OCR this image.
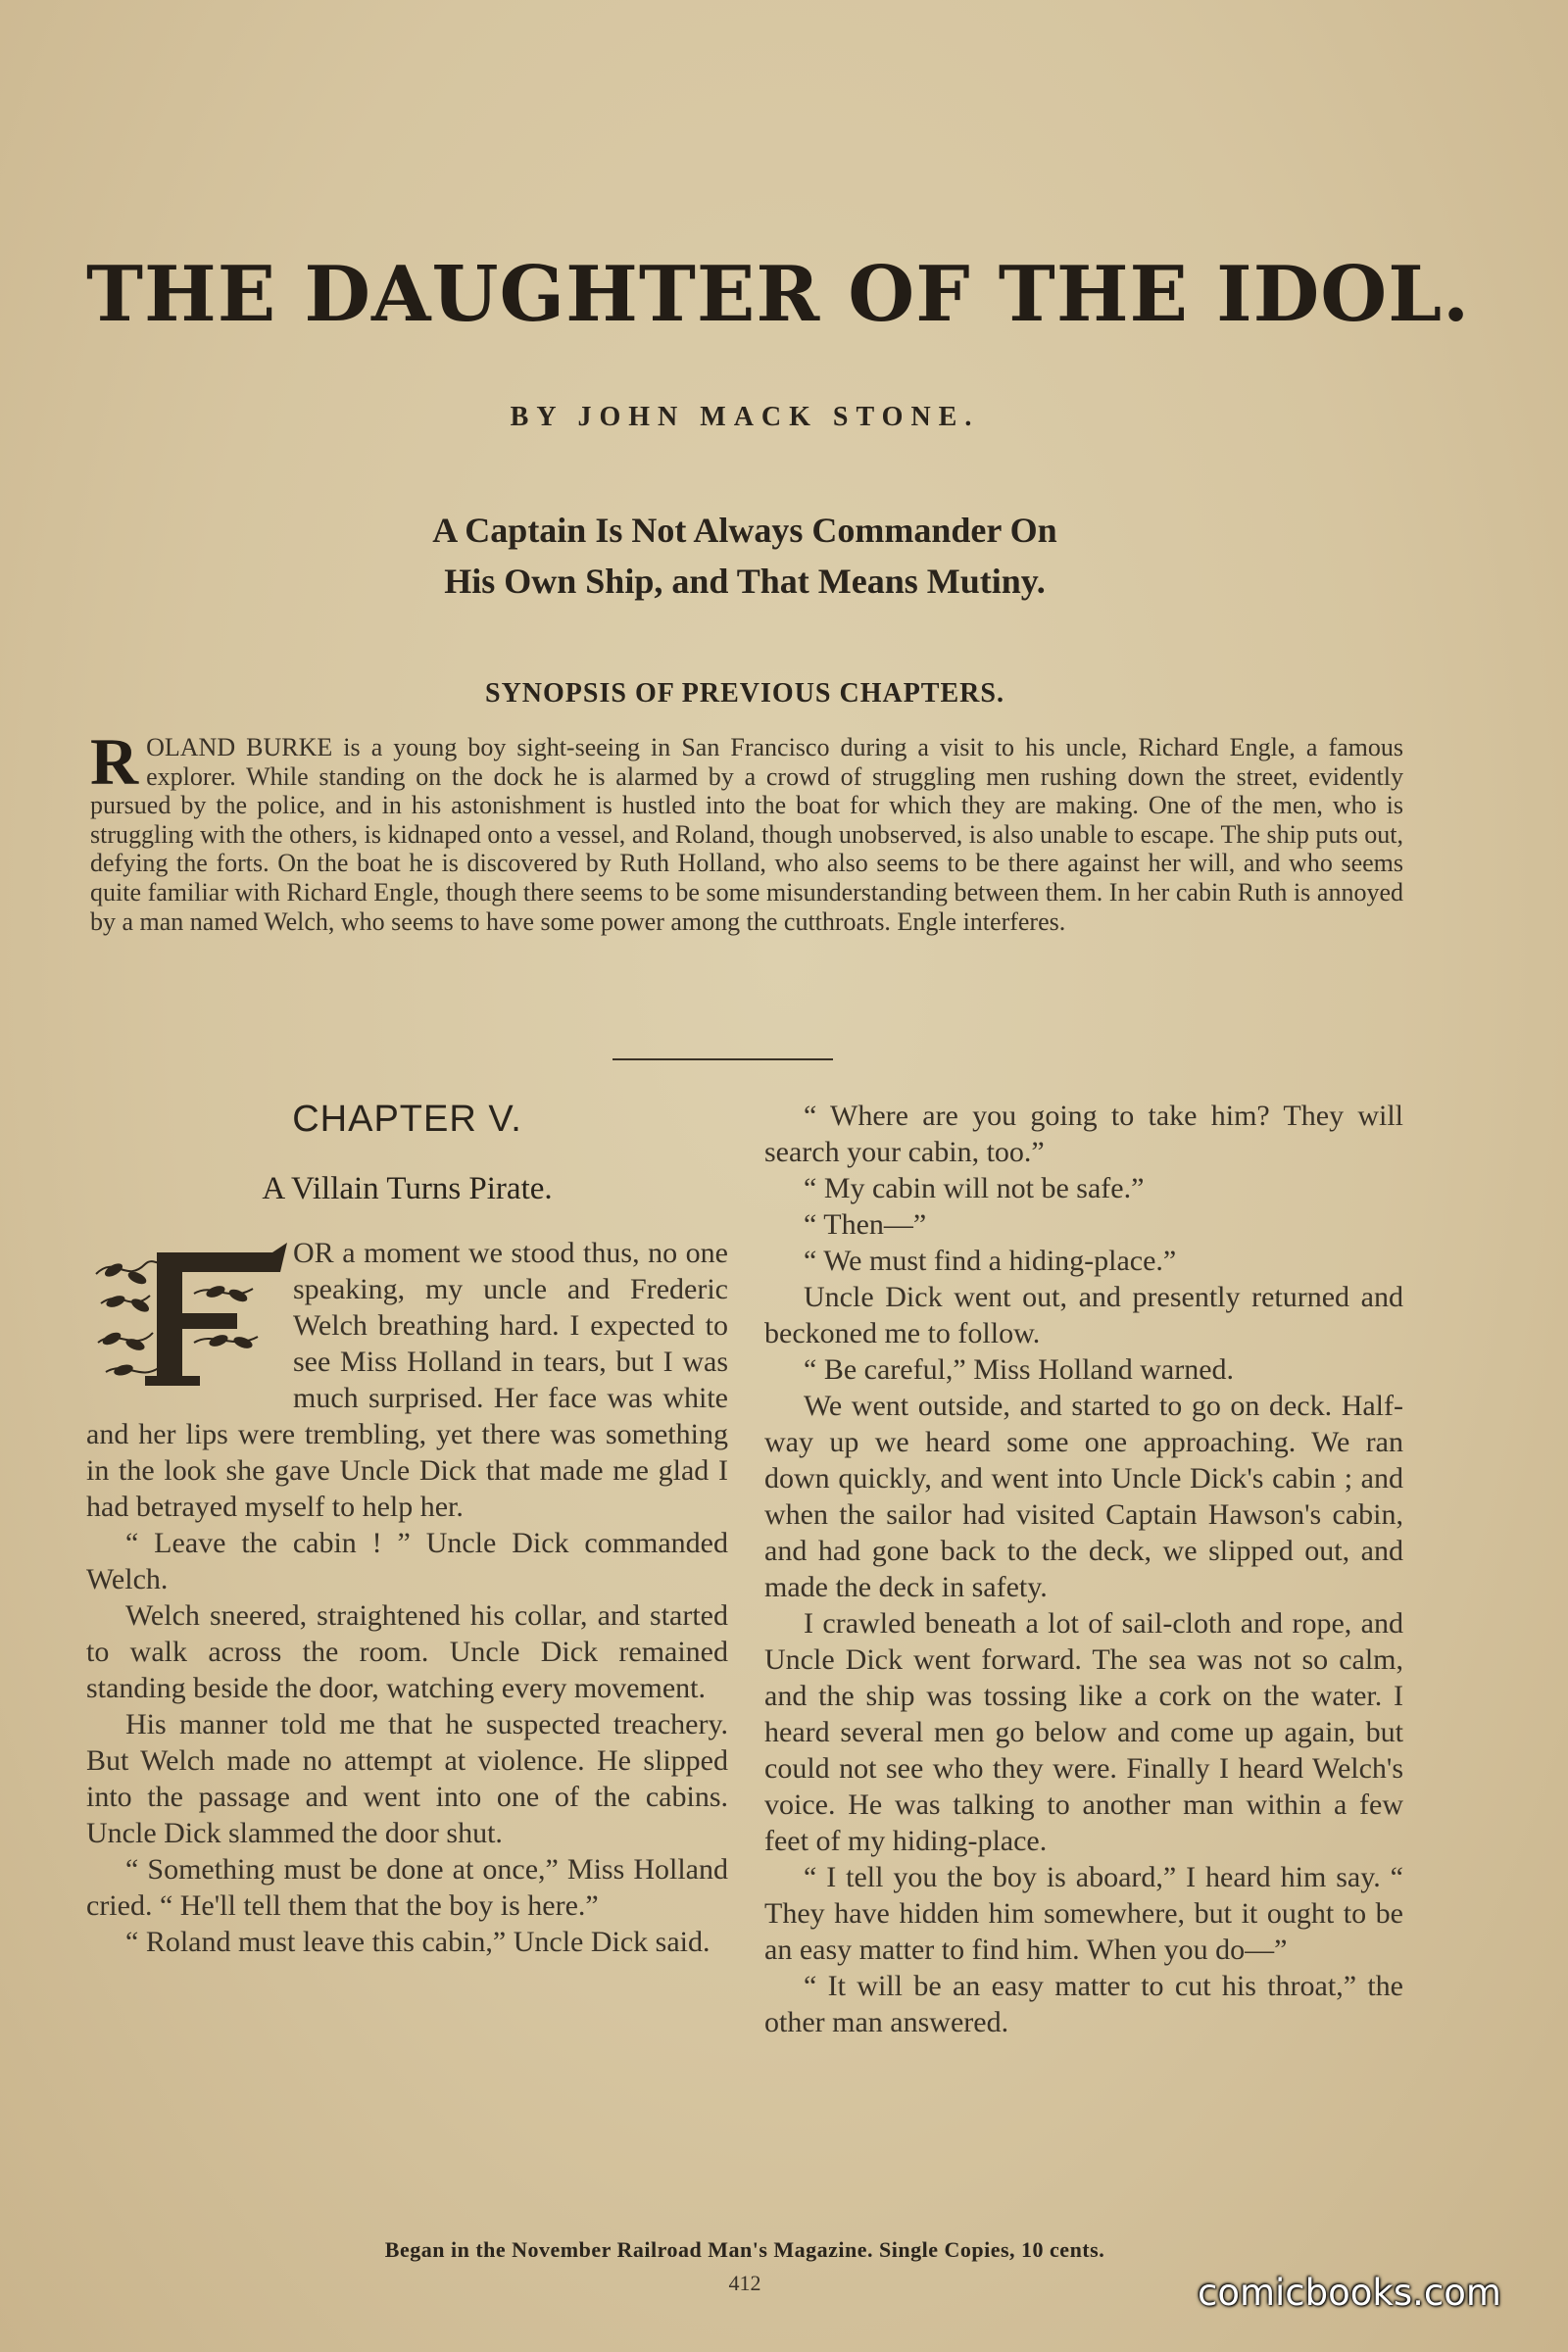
THE DAUGHTER OF THE IDOL.
BY JOHN MACK STONE.
A Captain Is Not Always Commander On
His Own Ship, and That Means Mutiny.
SYNOPSIS OF PREVIOUS CHAPTERS.
ROLAND BURKE is a young boy sight-seeing in San Francisco during a visit to his uncle, Richard Engle, a famous explorer. While standing on the dock he is alarmed by a crowd of struggling men rushing down the street, evidently pursued by the police, and in his astonishment is hustled into the boat for which they are making. One of the men, who is struggling with the others, is kidnaped onto a vessel, and Roland, though unobserved, is also unable to escape. The ship puts out, defying the forts. On the boat he is discovered by Ruth Holland, who also seems to be there against her will, and who seems quite familiar with Richard Engle, though there seems to be some misunderstanding between them. In her cabin Ruth is annoyed by a man named Welch, who seems to have some power among the cutthroats. Engle interferes.
CHAPTER V.
A Villain Turns Pirate.

OR a moment we stood thus, no one speaking, my uncle and Frederic Welch breathing hard. I expected to see Miss Holland in tears, but I was much surprised. Her face was white and her lips were trembling, yet there was something in the look she gave Uncle Dick that made me glad I had betrayed myself to help her.

“ Leave the cabin ! ” Uncle Dick commanded Welch.

Welch sneered, straightened his collar, and started to walk across the room. Uncle Dick remained standing beside the door, watching every movement.

His manner told me that he suspected treachery. But Welch made no attempt at violence. He slipped into the passage and went into one of the cabins. Uncle Dick slammed the door shut.

“ Something must be done at once,” Miss Holland cried. “ He'll tell them that the boy is here.”

“ Roland must leave this cabin,” Uncle Dick said.

“ Where are you going to take him? They will search your cabin, too.”

“ My cabin will not be safe.”

“ Then—”

“ We must find a hiding-place.”

Uncle Dick went out, and presently returned and beckoned me to follow.

“ Be careful,” Miss Holland warned.

We went outside, and started to go on deck. Half-way up we heard some one approaching. We ran down quickly, and went into Uncle Dick's cabin ; and when the sailor had visited Captain Hawson's cabin, and had gone back to the deck, we slipped out, and made the deck in safety.

I crawled beneath a lot of sail-cloth and rope, and Uncle Dick went forward. The sea was not so calm, and the ship was tossing like a cork on the water. I heard several men go below and come up again, but could not see who they were. Finally I heard Welch's voice. He was talking to another man within a few feet of my hiding-place.

“ I tell you the boy is aboard,” I heard him say. “ They have hidden him somewhere, but it ought to be an easy matter to find him. When you do—”

“ It will be an easy matter to cut his throat,” the other man answered.

Began in the November Railroad Man's Magazine. Single Copies, 10 cents.
412	comicbooks.com
